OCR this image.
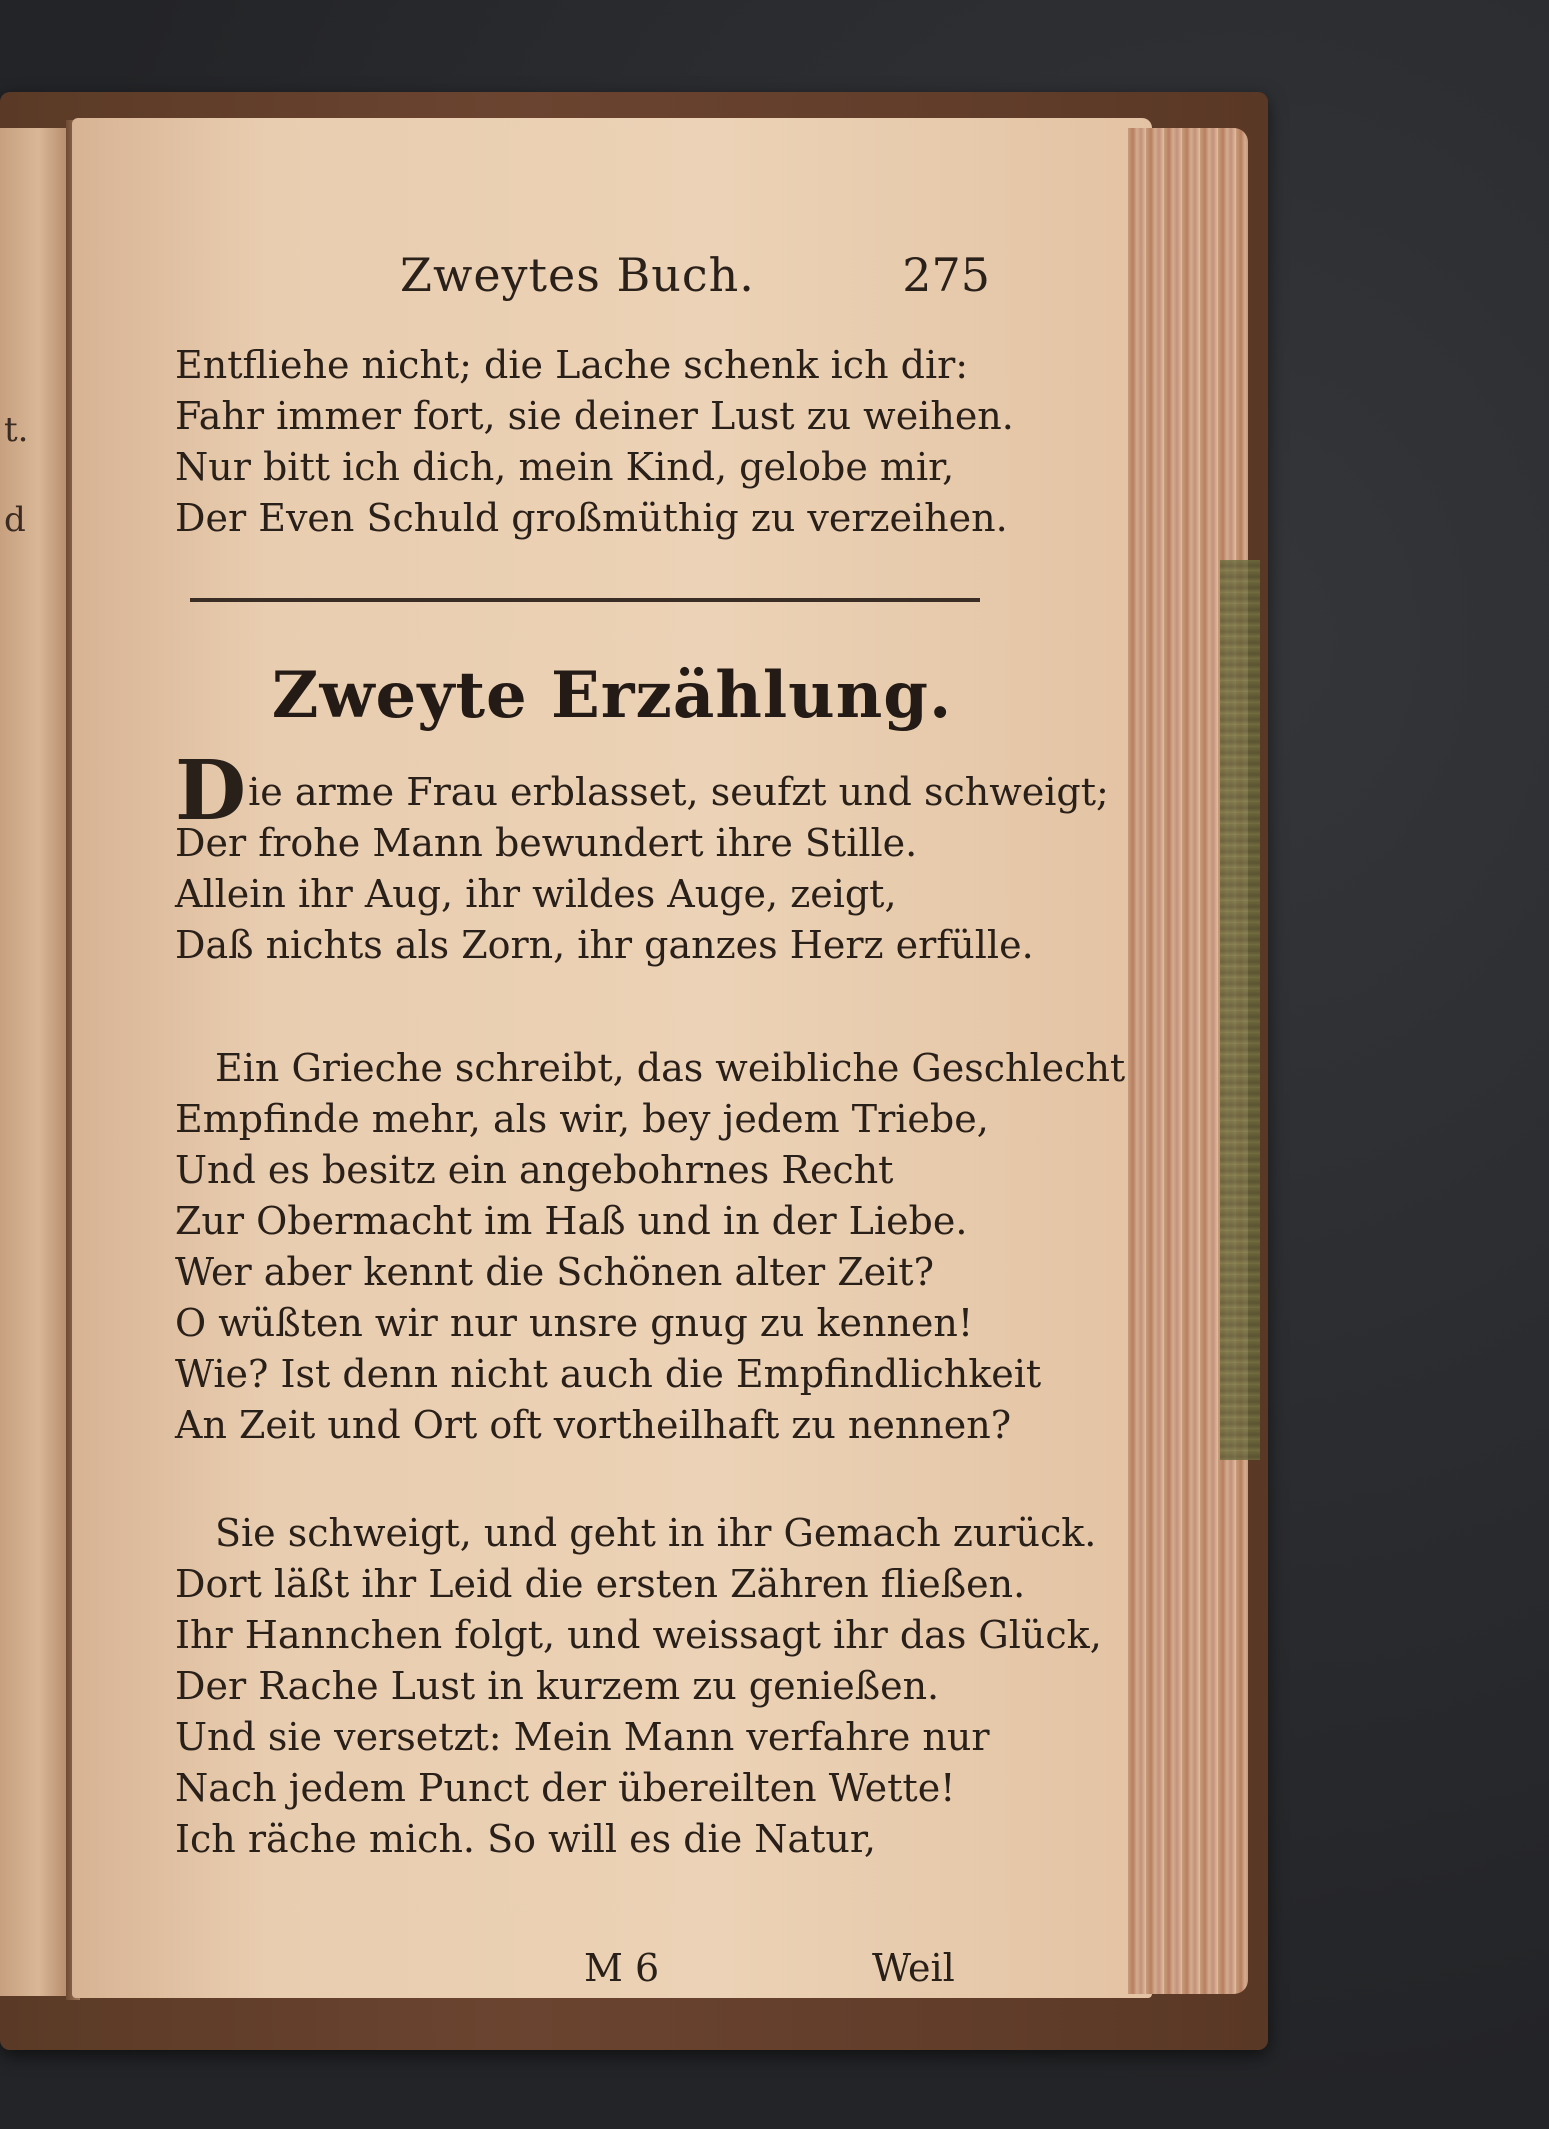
t.
d
Zweytes Buch.	275
Entfliehe nicht; die Lache schenk ich dir:
Fahr immer fort, sie deiner Lust zu weihen.
Nur bitt ich dich, mein Kind, gelobe mir,
Der Even Schuld großmüthig zu verzeihen.
Zweyte Erzählung.
Die arme Frau erblasset, seufzt und schweigt;
Der frohe Mann bewundert ihre Stille.
Allein ihr Aug, ihr wildes Auge, zeigt,
Daß nichts als Zorn, ihr ganzes Herz erfülle.
Ein Grieche schreibt, das weibliche Geschlecht
Empfinde mehr, als wir, bey jedem Triebe,
Und es besitz ein angebohrnes Recht
Zur Obermacht im Haß und in der Liebe.
Wer aber kennt die Schönen alter Zeit?
O wüßten wir nur unsre gnug zu kennen!
Wie? Ist denn nicht auch die Empfindlichkeit
An Zeit und Ort oft vortheilhaft zu nennen?
Sie schweigt, und geht in ihr Gemach zurück.
Dort läßt ihr Leid die ersten Zähren fließen.
Ihr Hannchen folgt, und weissagt ihr das Glück,
Der Rache Lust in kurzem zu genießen.
Und sie versetzt: Mein Mann verfahre nur
Nach jedem Punct der übereilten Wette!
Ich räche mich. So will es die Natur,
M 6	Weil
